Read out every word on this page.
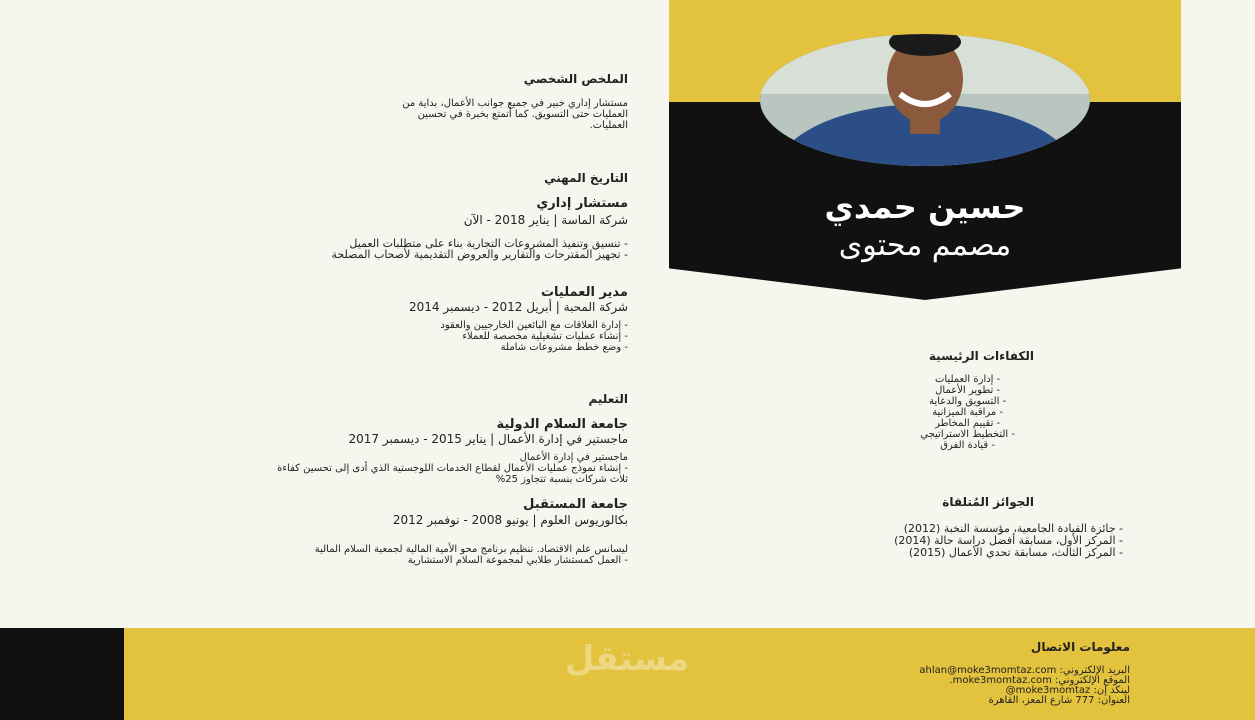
حسين حمدي
مصمم محتوى
الملخص الشخصي
مستشار إداري خبير في جميع جوانب الأعمال، بداية من
العمليات حتى التسويق. كما أتمتع بخبرة في تحسين
العمليات.
التاريخ المهني
مستشار إداري
شركة الماسة | يناير 2018 - الآن
- تنسيق وتنفيذ المشروعات التجارية بناء على متطلبات العميل
- تجهيز المقترحات والتقارير والعروض التقديمية لأصحاب المصلحة
مدير العمليات
شركة المحبة | أبريل 2012 - ديسمبر 2014
- إدارة العلاقات مع البائعين الخارجيين والعقود
- إنشاء عمليات تشغيلية مخصصة للعملاء
- وضع خطط مشروعات شاملة
التعليم
جامعة السلام الدولية
ماجستير في إدارة الأعمال | يناير 2015 - ديسمبر 2017
ماجستير في إدارة الأعمال
- إنشاء نموذج عمليات الأعمال لقطاع الخدمات اللوجستية الذي أدى إلى تحسين كفاءة
ثلاث شركات بنسبة تتجاوز 25%
جامعة المستقبل
بكالوريوس العلوم | يونيو 2008 - نوفمبر 2012
ليسانس علم الاقتصاد. تنظيم برنامج محو الأمية المالية لجمعية السلام المالية
- العمل كمستشار طلابي لمجموعة السلام الاستشارية
الكفاءات الرئيسية
- إدارة العمليات
- تطوير الأعمال
- التسويق والدعاية
- مراقبة الميزانية
- تقييم المخاطر
- التخطيط الاستراتيجي
- قيادة الفرق
الجوائز المُتلقاة
- جائزة القيادة الجامعية، مؤسسة النخبة (2012)
- المركز الأول، مسابقة أفضل دراسة حالة (2014)
- المركز الثالث، مسابقة تحدي الأعمال (2015)
مستقل	معلومات الاتصال
البريد الإلكتروني: ahlan@moke3momtaz.com
الموقع الإلكتروني: moke3momtaz.com.
لينكد إن: moke3momtaz@
العنوان: 777 شارع المعز، القاهرة
